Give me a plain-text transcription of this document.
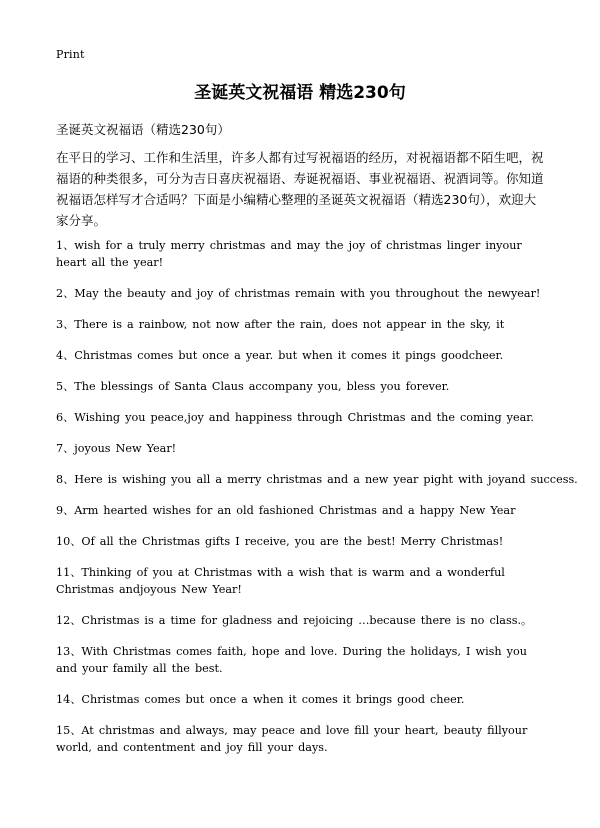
Print
圣诞英文祝福语 精选230句
圣诞英文祝福语（精选230句）

在平日的学习、工作和生活里，许多人都有过写祝福语的经历，对祝福语都不陌生吧，祝福语的种类很多，可分为吉日喜庆祝福语、寿诞祝福语、事业祝福语、祝酒词等。你知道祝福语怎样写才合适吗？下面是小编精心整理的圣诞英文祝福语（精选230句），欢迎大家分享。

1、wish for a truly merry christmas and may the joy of christmas linger inyour heart all the year!
2、May the beauty and joy of christmas remain with you throughout the newyear!
3、There is a rainbow, not now after the rain, does not appear in the sky, it
4、Christmas comes but once a year. but when it comes it pings goodcheer.
5、The blessings of Santa Claus accompany you, bless you forever.
6、Wishing you peace,joy and happiness through Christmas and the coming year.
7、joyous New Year!
8、Here is wishing you all a merry christmas and a new year pight with joyand success.
9、Arm hearted wishes for an old fashioned Christmas and a happy New Year
10、Of all the Christmas gifts I receive, you are the best! Merry Christmas!
11、Thinking of you at Christmas with a wish that is warm and a wonderful Christmas andjoyous New Year!
12、Christmas is a time for gladness and rejoicing …because there is no class.。
13、With Christmas comes faith, hope and love. During the holidays, I wish you and your family all the best.
14、Christmas comes but once a when it comes it brings good cheer.
15、At christmas and always, may peace and love fill your heart, beauty fillyour world, and contentment and joy fill your days.
